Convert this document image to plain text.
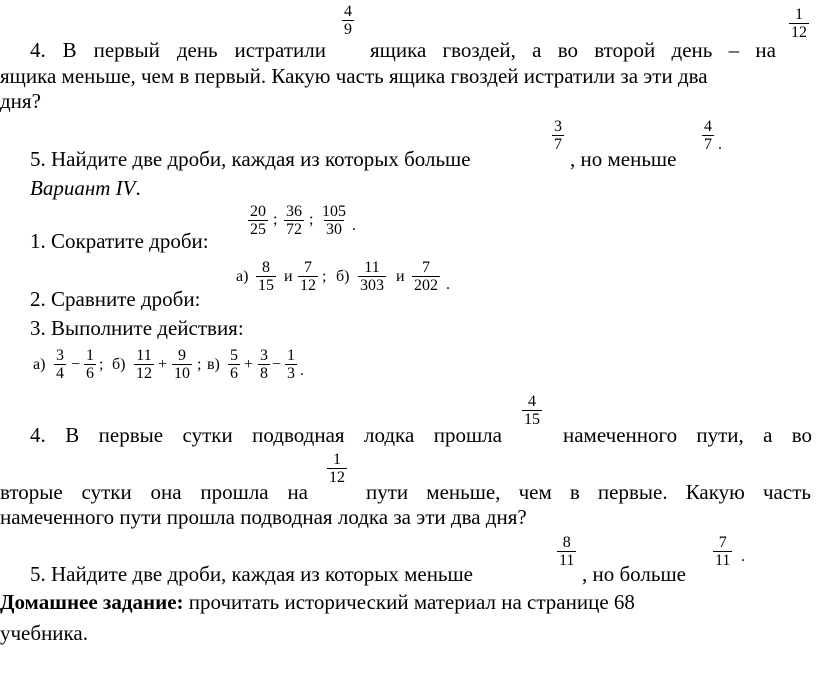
4. В первый день истратили
$\frac{4}{9}$
ящика гвоздей, а во второй день – на
$\frac{1}{12}$
ящика меньше, чем в первый. Какую часть ящика гвоздей истратили за эти два
дня?
5. Найдите две дроби, каждая из которых больше
$\frac{3}{7}$
, но меньше
$\frac{4}{7}$ .
Вариант IV.
1. Сократите дроби:
$\frac{20}{25}$ ; $\frac{36}{72}$ ; $\frac{105}{30}$ .
2. Сравните дроби:
$а) \frac{8}{15}$ и $\frac{7}{12}$ ; $б) \frac{11}{303}$ и $\frac{7}{202}$ .
3. Выполните действия:
$а) \frac{3}{4} - \frac{1}{6}$ ; $б) \frac{11}{12} + \frac{9}{10}$ ; $в) \frac{5}{6} + \frac{3}{8} - \frac{1}{3}$ .
4. В первые сутки подводная лодка прошла
$\frac{4}{15}$
намеченного пути, а во
вторые сутки она прошла на
$\frac{1}{12}$
пути меньше, чем в первые. Какую часть
намеченного пути прошла подводная лодка за эти два дня?
5. Найдите две дроби, каждая из которых меньше
$\frac{8}{11}$
, но больше
$\frac{7}{11}$ .
Домашнее задание: прочитать исторический материал на странице 68
учебника.
